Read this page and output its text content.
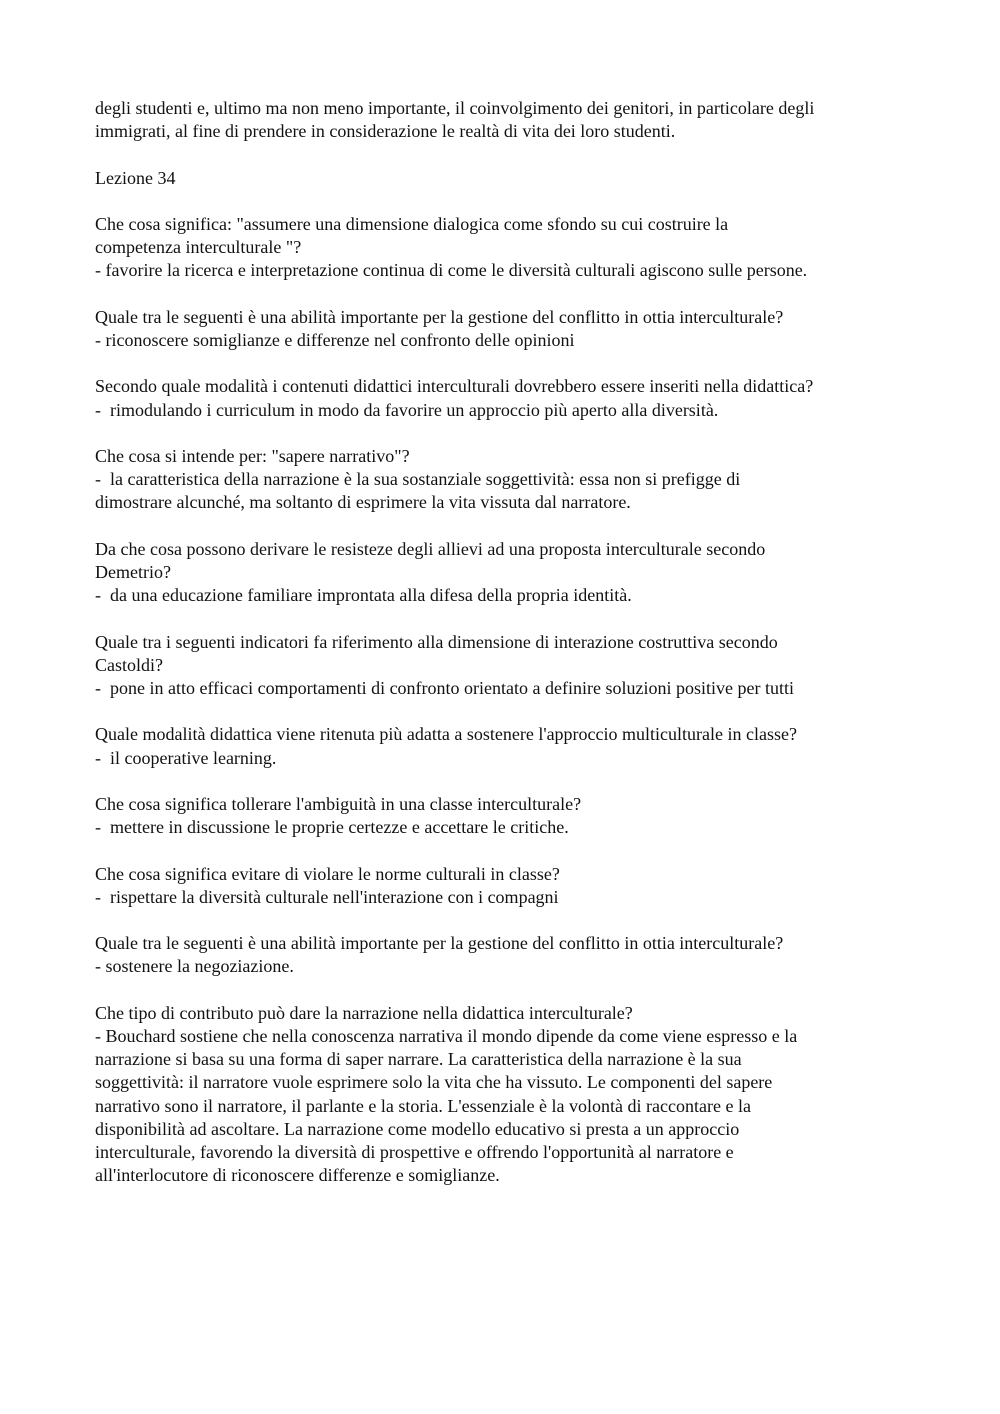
degli studenti e, ultimo ma non meno importante, il coinvolgimento dei genitori, in particolare degli
immigrati, al fine di prendere in considerazione le realtà di vita dei loro studenti.
Lezione 34
Che cosa significa: "assumere una dimensione dialogica come sfondo su cui costruire la
competenza interculturale "?
- favorire la ricerca e interpretazione continua di come le diversità culturali agiscono sulle persone.
Quale tra le seguenti è una abilità importante per la gestione del conflitto in ottia interculturale?
- riconoscere somiglianze e differenze nel confronto delle opinioni
Secondo quale modalità i contenuti didattici interculturali dovrebbero essere inseriti nella didattica?
-  rimodulando i curriculum in modo da favorire un approccio più aperto alla diversità.
Che cosa si intende per: "sapere narrativo"?
-  la caratteristica della narrazione è la sua sostanziale soggettività: essa non si prefigge di
dimostrare alcunché, ma soltanto di esprimere la vita vissuta dal narratore.
Da che cosa possono derivare le resisteze degli allievi ad una proposta interculturale secondo
Demetrio?
-  da una educazione familiare improntata alla difesa della propria identità.
Quale tra i seguenti indicatori fa riferimento alla dimensione di interazione costruttiva secondo
Castoldi?
-  pone in atto efficaci comportamenti di confronto orientato a definire soluzioni positive per tutti
Quale modalità didattica viene ritenuta più adatta a sostenere l'approccio multiculturale in classe?
-  il cooperative learning.
Che cosa significa tollerare l'ambiguità in una classe interculturale?
-  mettere in discussione le proprie certezze e accettare le critiche.
Che cosa significa evitare di violare le norme culturali in classe?
-  rispettare la diversità culturale nell'interazione con i compagni
Quale tra le seguenti è una abilità importante per la gestione del conflitto in ottia interculturale?
- sostenere la negoziazione.
Che tipo di contributo può dare la narrazione nella didattica interculturale?
- Bouchard sostiene che nella conoscenza narrativa il mondo dipende da come viene espresso e la
narrazione si basa su una forma di saper narrare. La caratteristica della narrazione è la sua
soggettività: il narratore vuole esprimere solo la vita che ha vissuto. Le componenti del sapere
narrativo sono il narratore, il parlante e la storia. L'essenziale è la volontà di raccontare e la
disponibilità ad ascoltare. La narrazione come modello educativo si presta a un approccio
interculturale, favorendo la diversità di prospettive e offrendo l'opportunità al narratore e
all'interlocutore di riconoscere differenze e somiglianze.
